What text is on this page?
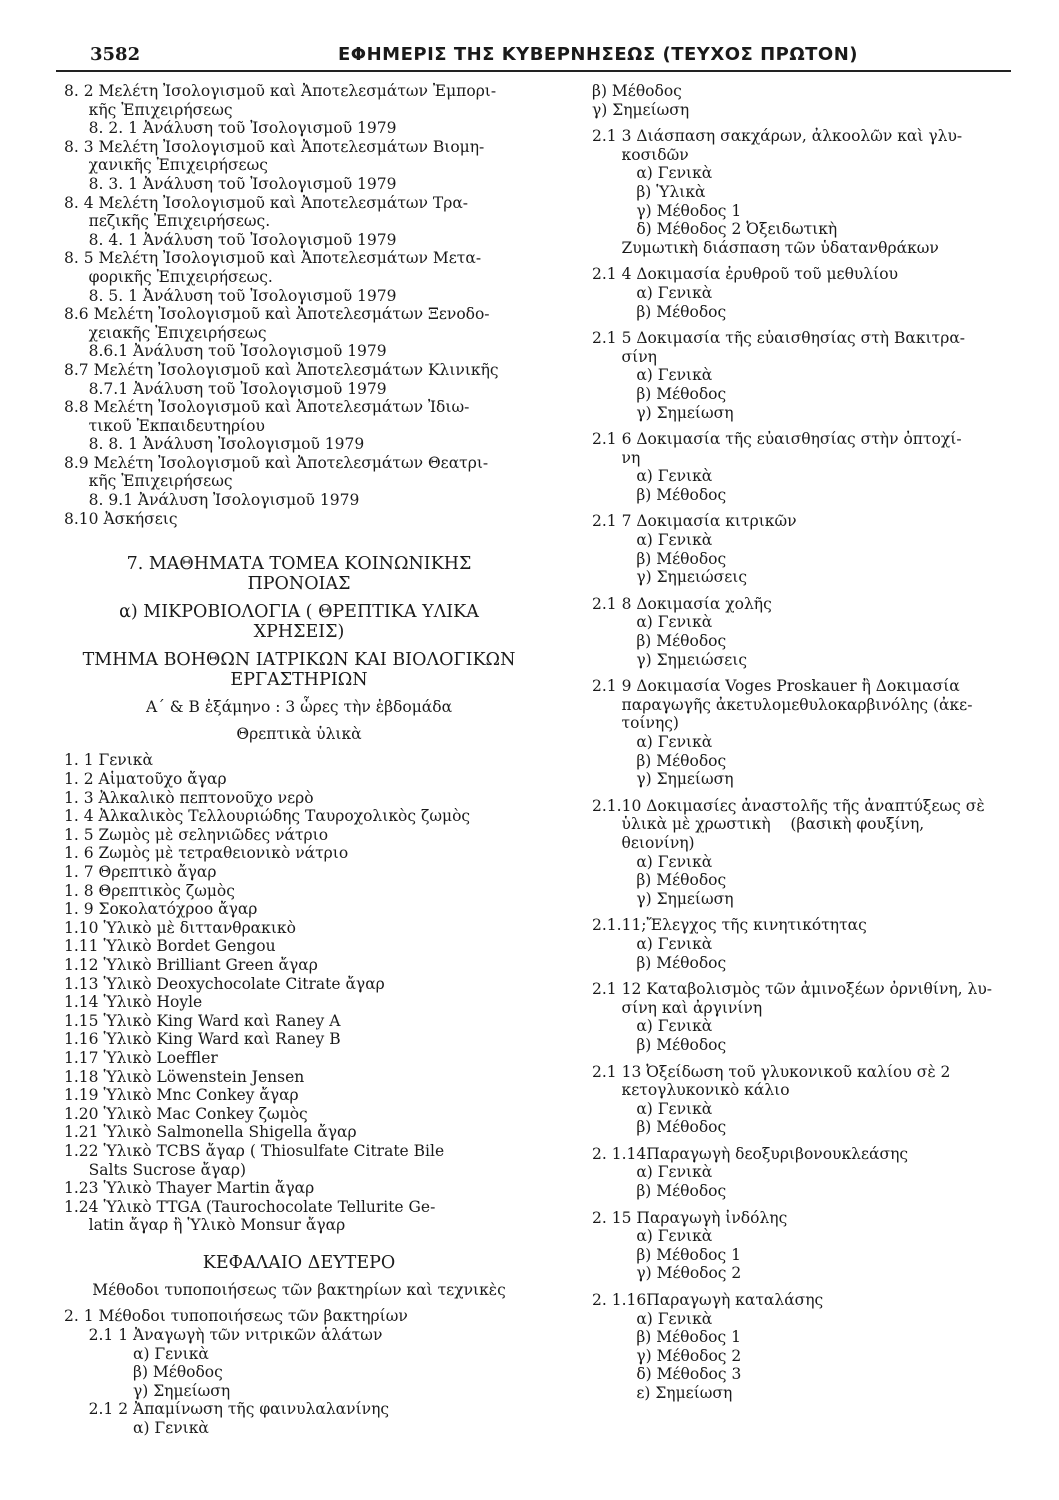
3582	ΕΦΗΜΕΡΙΣ ΤΗΣ ΚΥΒΕΡΝΗΣΕΩΣ (ΤΕΥΧΟΣ ΠΡΩΤΟΝ)
8. 2 Μελέτη Ἰσολογισμοῦ καὶ Ἀποτελεσμάτων Ἐμπορι-
κῆς Ἐπιχειρήσεως
8. 2. 1 Ἀνάλυση τοῦ Ἰσολογισμοῦ 1979
8. 3 Μελέτη Ἰσολογισμοῦ καὶ Ἀποτελεσμάτων Βιομη-
χανικῆς Ἐπιχειρήσεως
8. 3. 1 Ἀνάλυση τοῦ Ἰσολογισμοῦ 1979
8. 4 Μελέτη Ἰσολογισμοῦ καὶ Ἀποτελεσμάτων Τρα-
πεζικῆς Ἐπιχειρήσεως.
8. 4. 1 Ἀνάλυση τοῦ Ἰσολογισμοῦ 1979
8. 5 Μελέτη Ἰσολογισμοῦ καὶ Ἀποτελεσμάτων Μετα-
φορικῆς Ἐπιχειρήσεως.
8. 5. 1 Ἀνάλυση τοῦ Ἰσολογισμοῦ 1979
8.6 Μελέτη Ἰσολογισμοῦ καὶ Ἀποτελεσμάτων Ξενοδο-
χειακῆς Ἐπιχειρήσεως
8.6.1 Ἀνάλυση τοῦ Ἰσολογισμοῦ 1979
8.7 Μελέτη Ἰσολογισμοῦ καὶ Ἀποτελεσμάτων Κλινικῆς
8.7.1 Ἀνάλυση τοῦ Ἰσολογισμοῦ 1979
8.8 Μελέτη Ἰσολογισμοῦ καὶ Ἀποτελεσμάτων Ἰδιω-
τικοῦ Ἐκπαιδευτηρίου
8. 8. 1 Ἀνάλυση Ἰσολογισμοῦ 1979
8.9 Μελέτη Ἰσολογισμοῦ καὶ Ἀποτελεσμάτων Θεατρι-
κῆς Ἐπιχειρήσεως
8. 9.1 Ἀνάλυση Ἰσολογισμοῦ 1979
8.10 Ἀσκήσεις
7. ΜΑΘΗΜΑΤΑ ΤΟΜΕΑ ΚΟΙΝΩΝΙΚΗΣ
ΠΡΟΝΟΙΑΣ
α) ΜΙΚΡΟΒΙΟΛΟΓΙΑ ( ΘΡΕΠΤΙΚΑ ΥΛΙΚΑ
ΧΡΗΣΕΙΣ)
ΤΜΗΜΑ ΒΟΗΘΩΝ ΙΑΤΡΙΚΩΝ ΚΑΙ ΒΙΟΛΟΓΙΚΩΝ
ΕΡΓΑΣΤΗΡΙΩΝ
Α΄ & Β ἑξάμηνο : 3 ὧρες τὴν ἑβδομάδα
Θρεπτικὰ ὑλικὰ
1. 1 Γενικὰ
1. 2 Αἱματοῦχο ἄγαρ
1. 3 Ἀλκαλικὸ πεπτονοῦχο νερὸ
1. 4 Ἀλκαλικὸς Τελλουριώδης Ταυροχολικὸς ζωμὸς
1. 5 Ζωμὸς μὲ σεληνιῶδες νάτριο
1. 6 Ζωμὸς μὲ τετραθειονικὸ νάτριο
1. 7 Θρεπτικὸ ἄγαρ
1. 8 Θρεπτικὸς ζωμὸς
1. 9 Σοκολατόχροο ἄγαρ
1.10 Ὑλικὸ μὲ διττανθρακικὸ
1.11 Ὑλικὸ Bordet Gengou
1.12 Ὑλικὸ Brilliant Green ἄγαρ
1.13 Ὑλικὸ Deoxychocolate Citrate ἄγαρ
1.14 Ὑλικὸ Hoyle
1.15 Ὑλικὸ King Ward καὶ Raney A
1.16 Ὑλικὸ King Ward καὶ Raney B
1.17 Ὑλικὸ Loeffler
1.18 Ὑλικὸ Löwenstein Jensen
1.19 Ὑλικὸ Mnc Conkey ἄγαρ
1.20 Ὑλικὸ Mac Conkey ζωμὸς
1.21 Ὑλικὸ Salmonella Shigella ἄγαρ
1.22 Ὑλικὸ TCBS ἄγαρ ( Thiosulfate Citrate Bile
Salts Sucrose ἄγαρ)
1.23 Ὑλικὸ Thayer Martin ἄγαρ
1.24 Ὑλικὸ TTGA (Taurochocolate Tellurite Ge-
latin ἄγαρ ἢ Ὑλικὸ Monsur ἄγαρ
ΚΕΦΑΛΑΙΟ ΔΕΥΤΕΡΟ
Μέθοδοι τυποποιήσεως τῶν βακτηρίων καὶ τεχνικὲς
2. 1 Μέθοδοι τυποποιήσεως τῶν βακτηρίων
2.1 1 Ἀναγωγὴ τῶν νιτρικῶν ἁλάτων
α) Γενικὰ
β) Μέθοδος
γ) Σημείωση
2.1 2 Ἀπαμίνωση τῆς φαινυλαλανίνης
α) Γενικὰ
β) Μέθοδος
γ) Σημείωση
2.1 3 Διάσπαση σακχάρων, ἀλκοολῶν καὶ γλυ-
κοσιδῶν
α) Γενικὰ
β) Ὑλικὰ
γ) Μέθοδος 1
δ) Μέθοδος 2 Ὀξειδωτικὴ
Ζυμωτικὴ διάσπαση τῶν ὑδατανθράκων
2.1 4 Δοκιμασία ἐρυθροῦ τοῦ μεθυλίου
α) Γενικὰ
β) Μέθοδος
2.1 5 Δοκιμασία τῆς εὐαισθησίας στὴ Βακιτρα-
σίνη
α) Γενικὰ
β) Μέθοδος
γ) Σημείωση
2.1 6 Δοκιμασία τῆς εὐαισθησίας στὴν ὀπτοχί-
νη
α) Γενικὰ
β) Μέθοδος
2.1 7 Δοκιμασία κιτρικῶν
α) Γενικὰ
β) Μέθοδος
γ) Σημειώσεις
2.1 8 Δοκιμασία χολῆς
α) Γενικὰ
β) Μέθοδος
γ) Σημειώσεις
2.1 9 Δοκιμασία Voges Proskauer ἢ Δοκιμασία
παραγωγῆς ἀκετυλομεθυλοκαρβινόλης (ἀκε-
τοίνης)
α) Γενικὰ
β) Μέθοδος
γ) Σημείωση
2.1.10 Δοκιμασίες ἀναστολῆς τῆς ἀναπτύξεως σὲ
ὑλικὰ μὲ χρωστικὴ    (βασικὴ φουξίνη,
θειονίνη)
α) Γενικὰ
β) Μέθοδος
γ) Σημείωση
2.1.11;Ἔλεγχος τῆς κινητικότητας
α) Γενικὰ
β) Μέθοδος
2.1 12 Καταβολισμὸς τῶν ἀμινοξέων ὀρνιθίνη, λυ-
σίνη καὶ ἀργινίνη
α) Γενικὰ
β) Μέθοδος
2.1 13 Ὀξείδωση τοῦ γλυκονικοῦ καλίου σὲ 2
κετογλυκονικὸ κάλιο
α) Γενικὰ
β) Μέθοδος
2. 1.14Παραγωγὴ δεοξυριβονουκλεάσης
α) Γενικὰ
β) Μέθοδος
2. 15 Παραγωγὴ ἰνδόλης
α) Γενικὰ
β) Μέθοδος 1
γ) Μέθοδος 2
2. 1.16Παραγωγὴ καταλάσης
α) Γενικὰ
β) Μέθοδος 1
γ) Μέθοδος 2
δ) Μέθοδος 3
ε) Σημείωση
